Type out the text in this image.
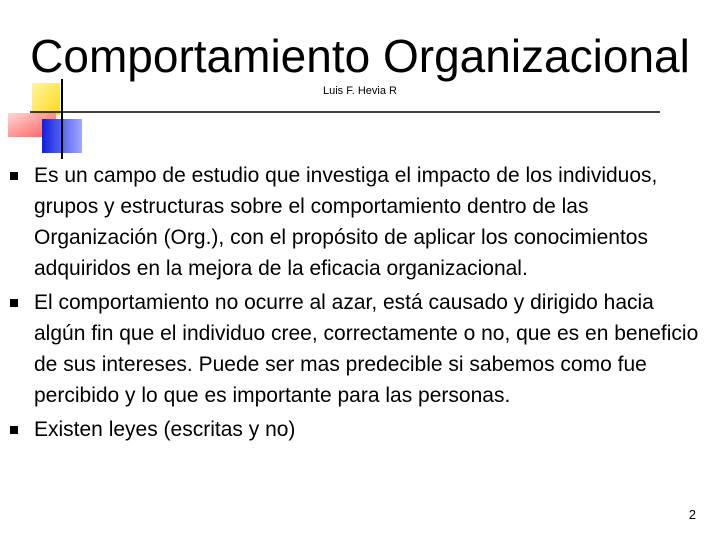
Comportamiento Organizacional
Luis F. Hevia R
Es un campo de estudio que investiga el impacto de los individuos, grupos y estructuras sobre el comportamiento dentro de las Organización (Org.), con el propósito de aplicar los conocimientos adquiridos en la mejora de la eficacia organizacional.
El comportamiento no ocurre al azar, está causado y dirigido hacia algún fin que el individuo cree, correctamente o no, que es en beneficio de sus intereses. Puede ser mas predecible si sabemos como fue percibido y lo que es importante para las personas.
Existen leyes (escritas y no)
2
